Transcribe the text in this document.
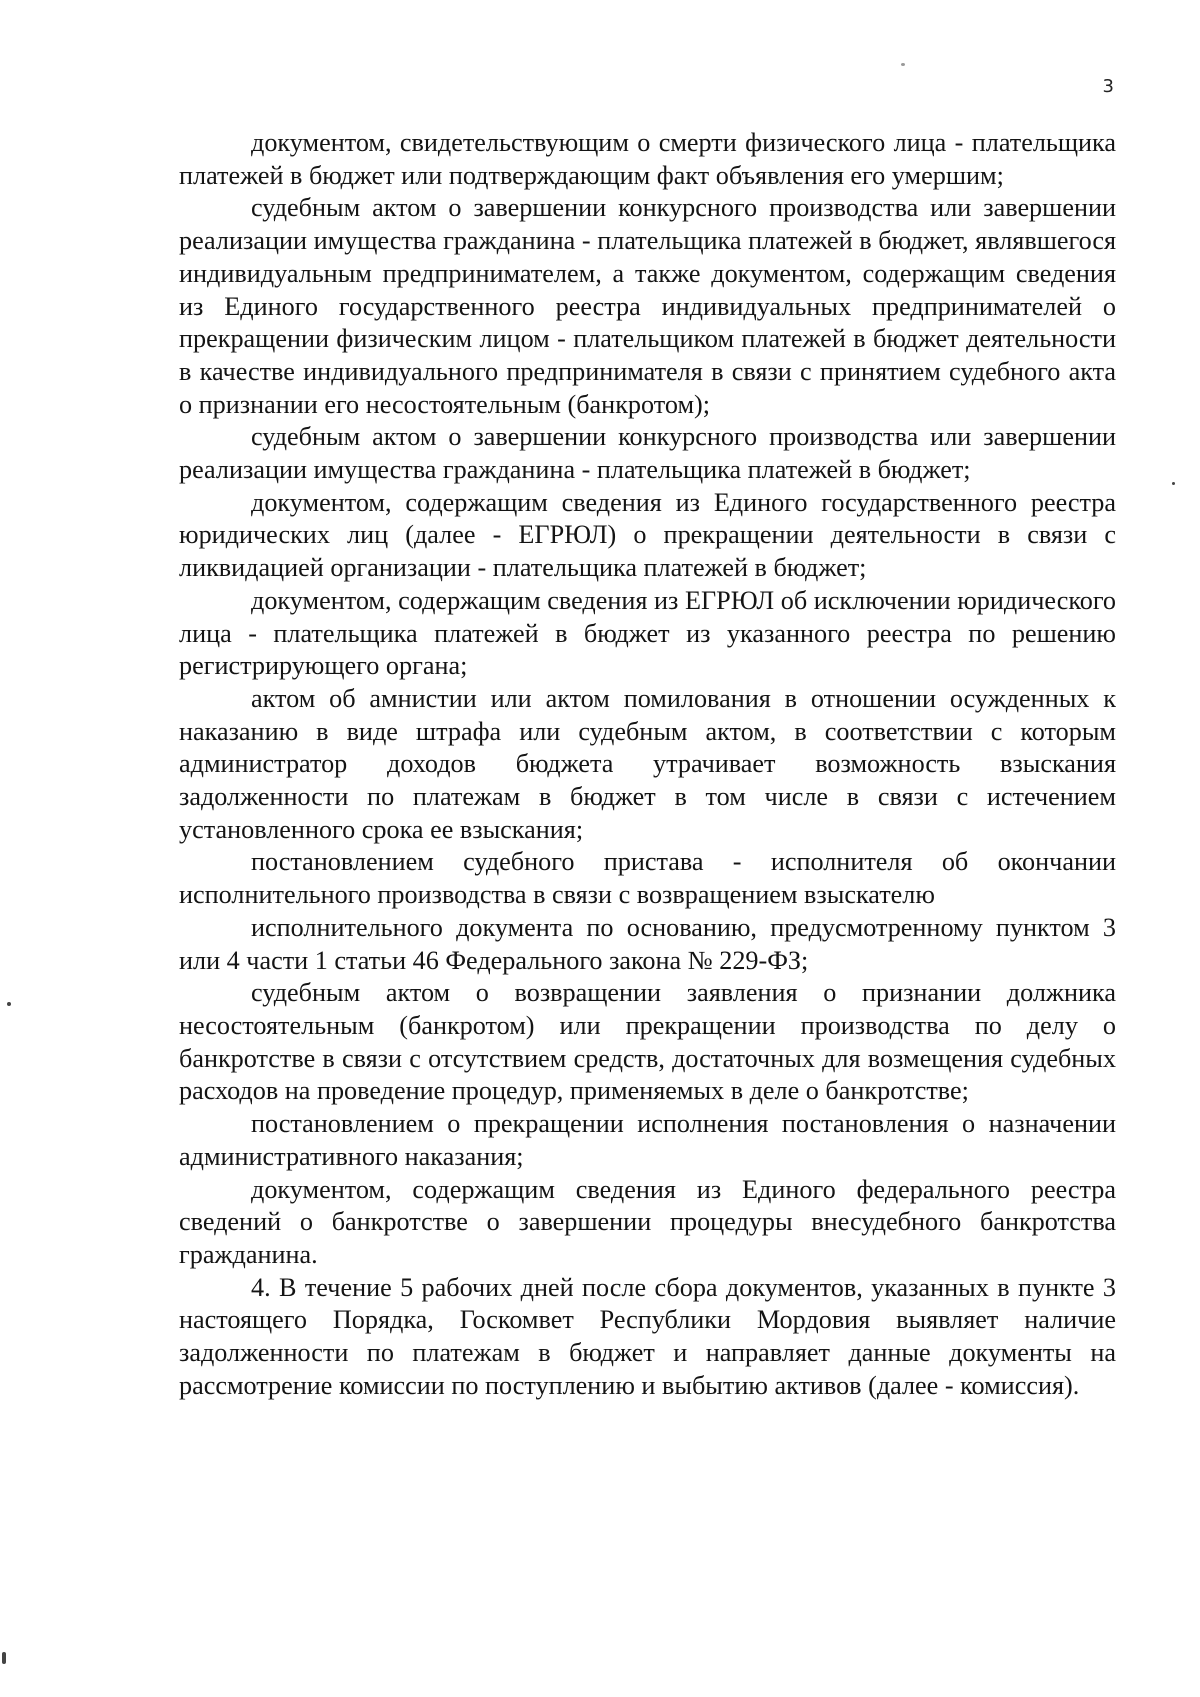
3

документом, свидетельствующим о смерти физического лица - плательщика платежей в бюджет или подтверждающим факт объявления его умершим;

судебным актом о завершении конкурсного производства или завершении реализации имущества гражданина - плательщика платежей в бюджет, являвшегося индивидуальным предпринимателем, а также документом, содержащим сведения из Единого государственного реестра индивидуальных предпринимателей о прекращении физическим лицом - плательщиком платежей в бюджет деятельности в качестве индивидуального предпринимателя в связи с принятием судебного акта о признании его несостоятельным (банкротом);

судебным актом о завершении конкурсного производства или завершении реализации имущества гражданина - плательщика платежей в бюджет;

документом, содержащим сведения из Единого государственного реестра юридических лиц (далее - ЕГРЮЛ) о прекращении деятельности в связи с ликвидацией организации - плательщика платежей в бюджет;

документом, содержащим сведения из ЕГРЮЛ об исключении юридического лица - плательщика платежей в бюджет из указанного реестра по решению регистрирующего органа;

актом об амнистии или актом помилования в отношении осужденных к наказанию в виде штрафа или судебным актом, в соответствии с которым администратор доходов бюджета утрачивает возможность взыскания задолженности по платежам в бюджет в том числе в связи с истечением установленного срока ее взыскания;

постановлением судебного пристава - исполнителя об окончании исполнительного производства в связи с возвращением взыскателю

исполнительного документа по основанию, предусмотренному пунктом 3 или 4 части 1 статьи 46 Федерального закона № 229-ФЗ;

судебным актом о возвращении заявления о признании должника несостоятельным (банкротом) или прекращении производства по делу о банкротстве в связи с отсутствием средств, достаточных для возмещения судебных расходов на проведение процедур, применяемых в деле о банкротстве;

постановлением о прекращении исполнения постановления о назначении административного наказания;

документом, содержащим сведения из Единого федерального реестра сведений о банкротстве о завершении процедуры внесудебного банкротства гражданина.

4. В течение 5 рабочих дней после сбора документов, указанных в пункте 3 настоящего Порядка, Госкомвет Республики Мордовия выявляет наличие задолженности по платежам в бюджет и направляет данные документы на рассмотрение комиссии по поступлению и выбытию активов (далее - комиссия).
